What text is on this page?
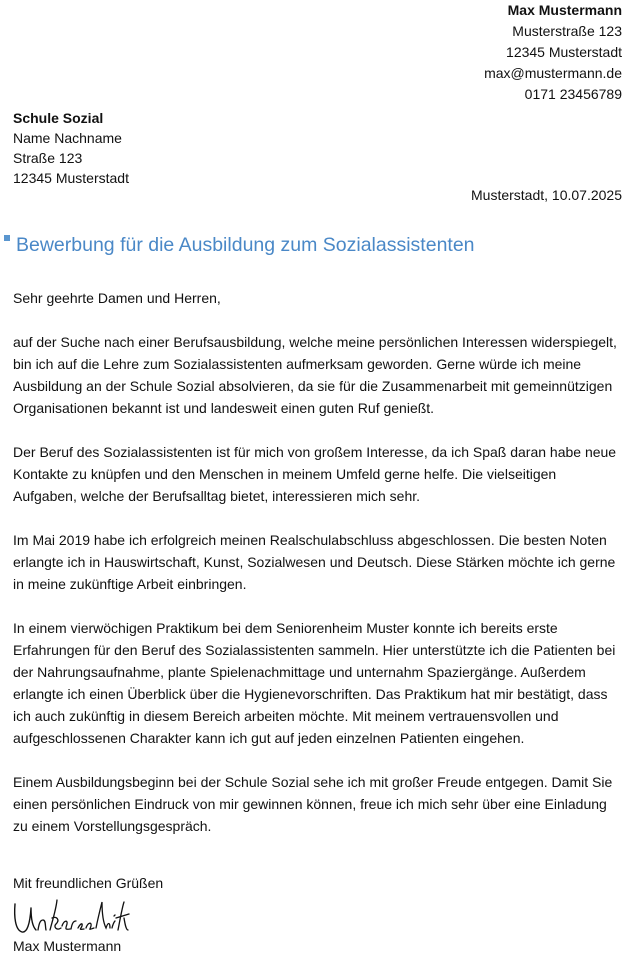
Max Mustermann
Musterstraße 123
12345 Musterstadt
max@mustermann.de
0171 23456789
Schule Sozial
Name Nachname
Straße 123
12345 Musterstadt
Musterstadt, 10.07.2025
Bewerbung für die Ausbildung zum Sozialassistenten

Sehr geehrte Damen und Herren,

auf der Suche nach einer Berufsausbildung, welche meine persönlichen Interessen widerspiegelt, bin ich auf die Lehre zum Sozialassistenten aufmerksam geworden. Gerne würde ich meine Ausbildung an der Schule Sozial absolvieren, da sie für die Zusammenarbeit mit gemeinnützigen Organisationen bekannt ist und landesweit einen guten Ruf genießt.

Der Beruf des Sozialassistenten ist für mich von großem Interesse, da ich Spaß daran habe neue Kontakte zu knüpfen und den Menschen in meinem Umfeld gerne helfe. Die vielseitigen Aufgaben, welche der Berufsalltag bietet, interessieren mich sehr.

Im Mai 2019 habe ich erfolgreich meinen Realschulabschluss abgeschlossen. Die besten Noten erlangte ich in Hauswirtschaft, Kunst, Sozialwesen und Deutsch. Diese Stärken möchte ich gerne in meine zukünftige Arbeit einbringen.

In einem vierwöchigen Praktikum bei dem Seniorenheim Muster konnte ich bereits erste Erfahrungen für den Beruf des Sozialassistenten sammeln. Hier unterstützte ich die Patienten bei der Nahrungsaufnahme, plante Spielenachmittage und unternahm Spaziergänge. Außerdem erlangte ich einen Überblick über die Hygienevorschriften. Das Praktikum hat mir bestätigt, dass ich auch zukünftig in diesem Bereich arbeiten möchte. Mit meinem vertrauensvollen und aufgeschlossenen Charakter kann ich gut auf jeden einzelnen Patienten eingehen.

Einem Ausbildungsbeginn bei der Schule Sozial sehe ich mit großer Freude entgegen. Damit Sie einen persönlichen Eindruck von mir gewinnen können, freue ich mich sehr über eine Einladung zu einem Vorstellungsgespräch.

Mit freundlichen Grüßen
Max Mustermann
